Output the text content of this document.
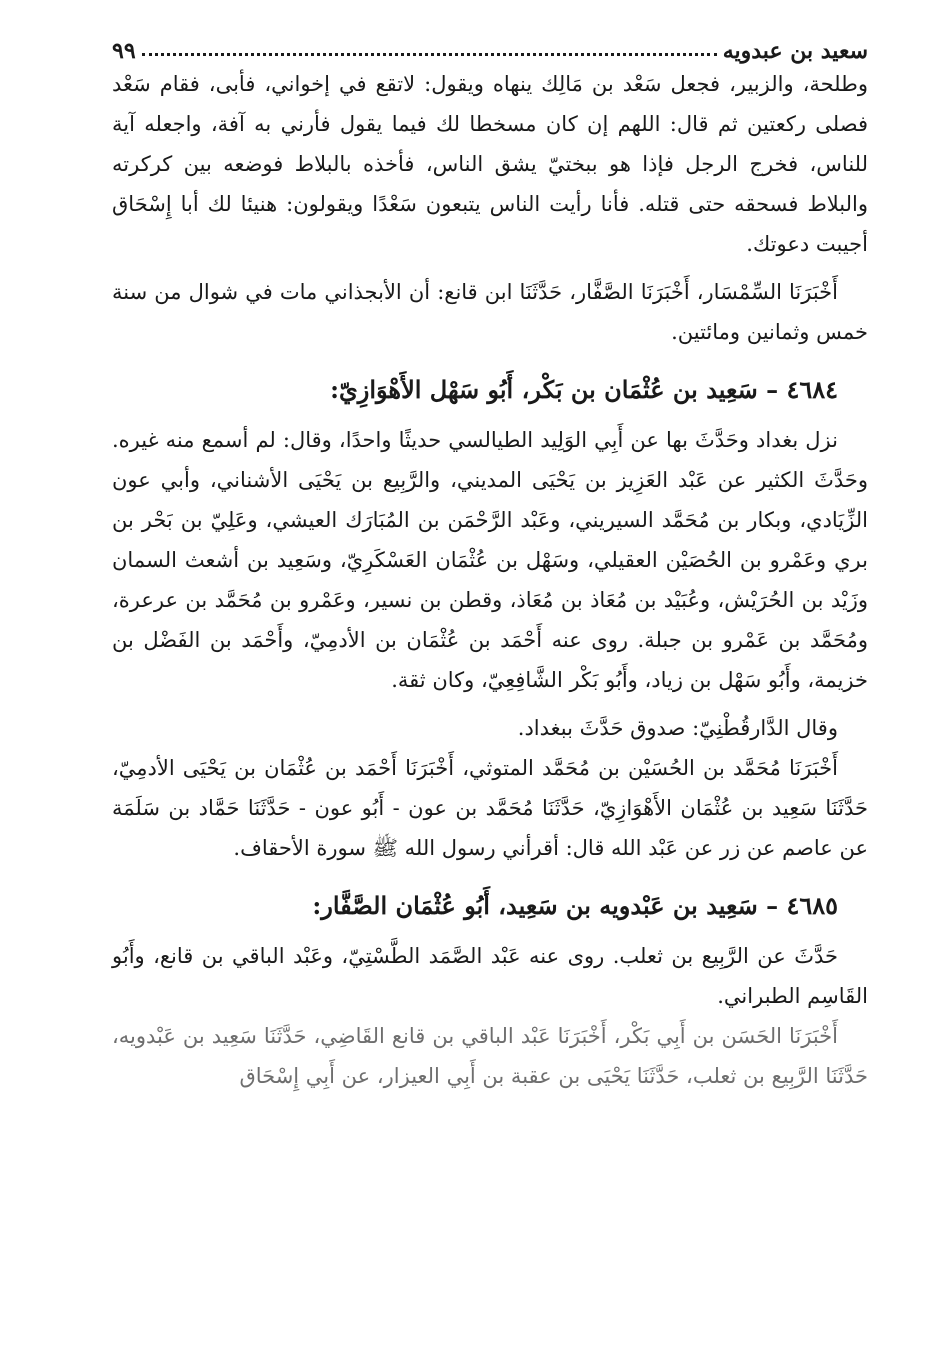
سعيد بن عبدويه
٩٩

وطلحة، والزبير، فجعل سَعْد بن مَالِك ينهاه ويقول: لاتقع في إخواني، فأبى، فقام سَعْد فصلى ركعتين ثم قال: اللهم إن كان مسخطا لك فيما يقول فأرني به آفة، واجعله آية للناس، فخرج الرجل فإذا هو ببختيّ يشق الناس، فأخذه بالبلاط فوضعه بين كركرته والبلاط فسحقه حتى قتله. فأنا رأيت الناس يتبعون سَعْدًا ويقولون: هنيئا لك أبا إِسْحَاق أجيبت دعوتك.

أَخْبَرَنَا السِّمْسَار، أَخْبَرَنَا الصَّفَّار، حَدَّثَنَا ابن قانع: أن الأبجذاني مات في شوال من سنة خمس وثمانين ومائتين.

٤٦٨٤ – سَعِيد بن عُثْمَان بن بَكْر، أَبُو سَهْل الأَهْوَازِيّ:

نزل بغداد وحَدَّثَ بها عن أَبِي الوَلِيد الطيالسي حديثًا واحدًا، وقال: لم أسمع منه غيره. وحَدَّثَ الكثير عن عَبْد العَزِيز بن يَحْيَى المديني، والرَّبِيع بن يَحْيَى الأشناني، وأبي عون الزِّيَادي، وبكار بن مُحَمَّد السيريني، وعَبْد الرَّحْمَن بن المُبَارَك العيشي، وعَلِيّ بن بَحْر بن بري وعَمْرو بن الحُصَيْن العقيلي، وسَهْل بن عُثْمَان العَسْكَرِيّ، وسَعِيد بن أشعث السمان وزَيْد بن الحُرَيْش، وعُبَيْد بن مُعَاذ بن مُعَاذ، وقطن بن نسير، وعَمْرو بن مُحَمَّد بن عرعرة، ومُحَمَّد بن عَمْرو بن جبلة. روى عنه أَحْمَد بن عُثْمَان بن الأدمِيّ، وأَحْمَد بن الفَضْل بن خزيمة، وأَبُو سَهْل بن زياد، وأَبُو بَكْر الشَّافِعِيّ، وكان ثقة.

وقال الدَّارقُطْنِيّ: صدوق حَدَّثَ ببغداد.

أَخْبَرَنَا مُحَمَّد بن الحُسَيْن بن مُحَمَّد المتوثي، أَخْبَرَنَا أَحْمَد بن عُثْمَان بن يَحْيَى الأدمِيّ، حَدَّثَنَا سَعِيد بن عُثْمَان الأَهْوَازِيّ، حَدَّثَنَا مُحَمَّد بن عون - أَبُو عون - حَدَّثَنَا حَمَّاد بن سَلَمَة عن عاصم عن زر عن عَبْد الله قال: أقرأني رسول الله ﷺ سورة الأحقاف.

٤٦٨٥ – سَعِيد بن عَبْدويه بن سَعِيد، أَبُو عُثْمَان الصَّفَّار:

حَدَّثَ عن الرَّبِيع بن ثعلب. روى عنه عَبْد الصَّمَد الطَّسْتِيّ، وعَبْد الباقي بن قانع، وأَبُو القَاسِم الطبراني.

أَخْبَرَنَا الحَسَن بن أَبِي بَكْر، أَخْبَرَنَا عَبْد الباقي بن قانع القَاضِي، حَدَّثَنَا سَعِيد بن عَبْدويه، حَدَّثَنَا الرَّبِيع بن ثعلب، حَدَّثَنَا يَحْيَى بن عقبة بن أَبِي العيزار، عن أَبِي إِسْحَاق
